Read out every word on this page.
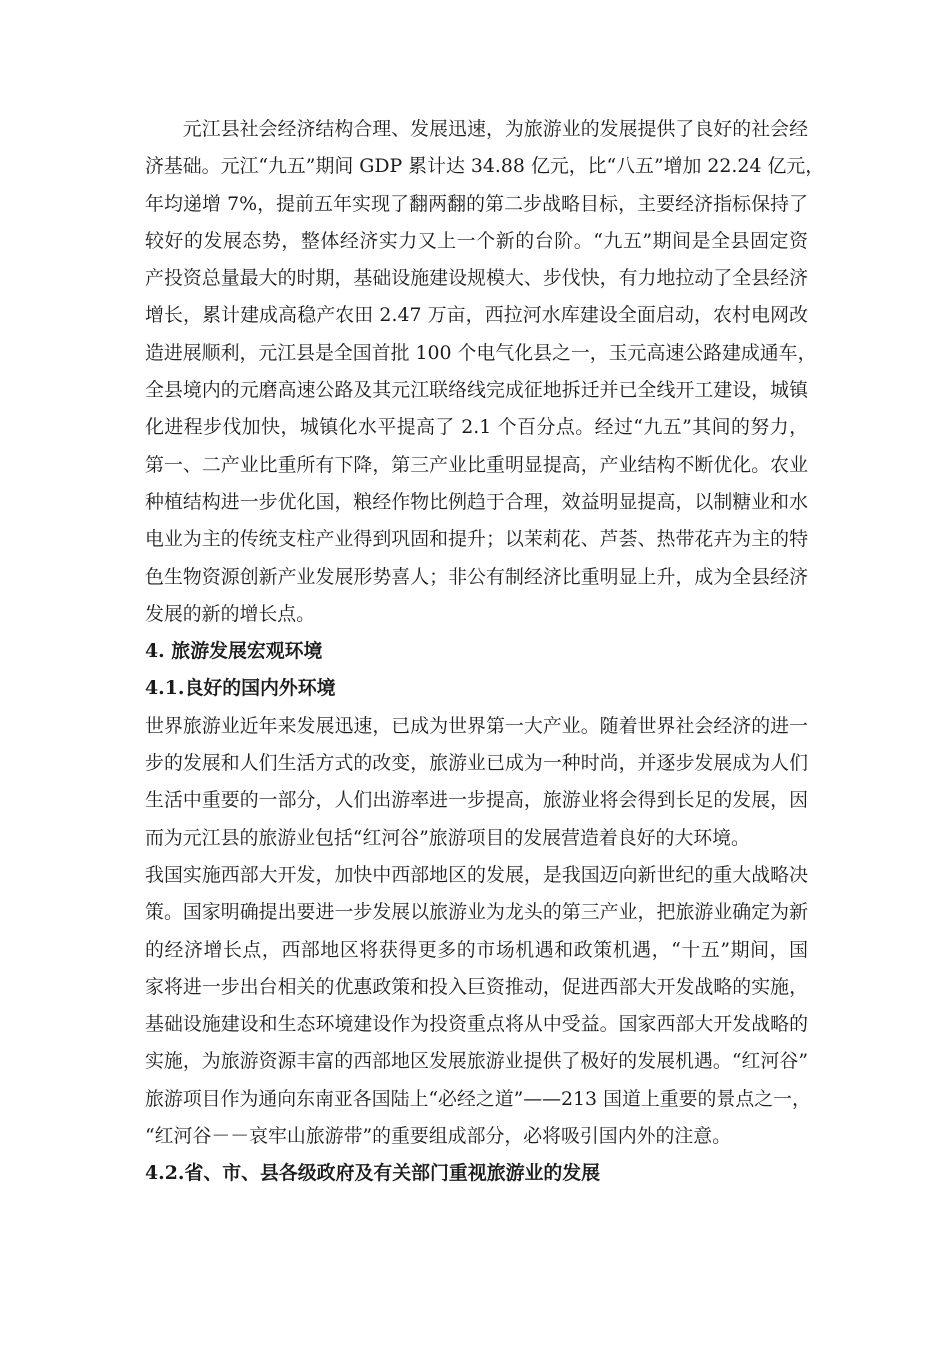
元江县社会经济结构合理、发展迅速，为旅游业的发展提供了良好的社会经
济基础。元江“九五”期间 GDP 累计达 34.88 亿元，比“八五”增加 22.24 亿元，
年均递增 7%，提前五年实现了翻两翻的第二步战略目标，主要经济指标保持了
较好的发展态势，整体经济实力又上一个新的台阶。“九五”期间是全县固定资
产投资总量最大的时期，基础设施建设规模大、步伐快，有力地拉动了全县经济
增长，累计建成高稳产农田 2.47 万亩，西拉河水库建设全面启动，农村电网改
造进展顺利，元江县是全国首批 100 个电气化县之一，玉元高速公路建成通车，
全县境内的元磨高速公路及其元江联络线完成征地拆迁并已全线开工建设，城镇
化进程步伐加快，城镇化水平提高了 2.1 个百分点。经过“九五”其间的努力，
第一、二产业比重所有下降，第三产业比重明显提高，产业结构不断优化。农业
种植结构进一步优化国，粮经作物比例趋于合理，效益明显提高，以制糖业和水
电业为主的传统支柱产业得到巩固和提升；以茉莉花、芦荟、热带花卉为主的特
色生物资源创新产业发展形势喜人；非公有制经济比重明显上升，成为全县经济
发展的新的增长点。
4. 旅游发展宏观环境
4.1.良好的国内外环境
世界旅游业近年来发展迅速，已成为世界第一大产业。随着世界社会经济的进一
步的发展和人们生活方式的改变，旅游业已成为一种时尚，并逐步发展成为人们
生活中重要的一部分，人们出游率进一步提高，旅游业将会得到长足的发展，因
而为元江县的旅游业包括“红河谷”旅游项目的发展营造着良好的大环境。
我国实施西部大开发，加快中西部地区的发展，是我国迈向新世纪的重大战略决
策。国家明确提出要进一步发展以旅游业为龙头的第三产业，把旅游业确定为新
的经济增长点，西部地区将获得更多的市场机遇和政策机遇，“十五”期间，国
家将进一步出台相关的优惠政策和投入巨资推动，促进西部大开发战略的实施，
基础设施建设和生态环境建设作为投资重点将从中受益。国家西部大开发战略的
实施，为旅游资源丰富的西部地区发展旅游业提供了极好的发展机遇。“红河谷”
旅游项目作为通向东南亚各国陆上“必经之道”——213 国道上重要的景点之一，
“红河谷－－哀牢山旅游带”的重要组成部分，必将吸引国内外的注意。
4.2.省、市、县各级政府及有关部门重视旅游业的发展
